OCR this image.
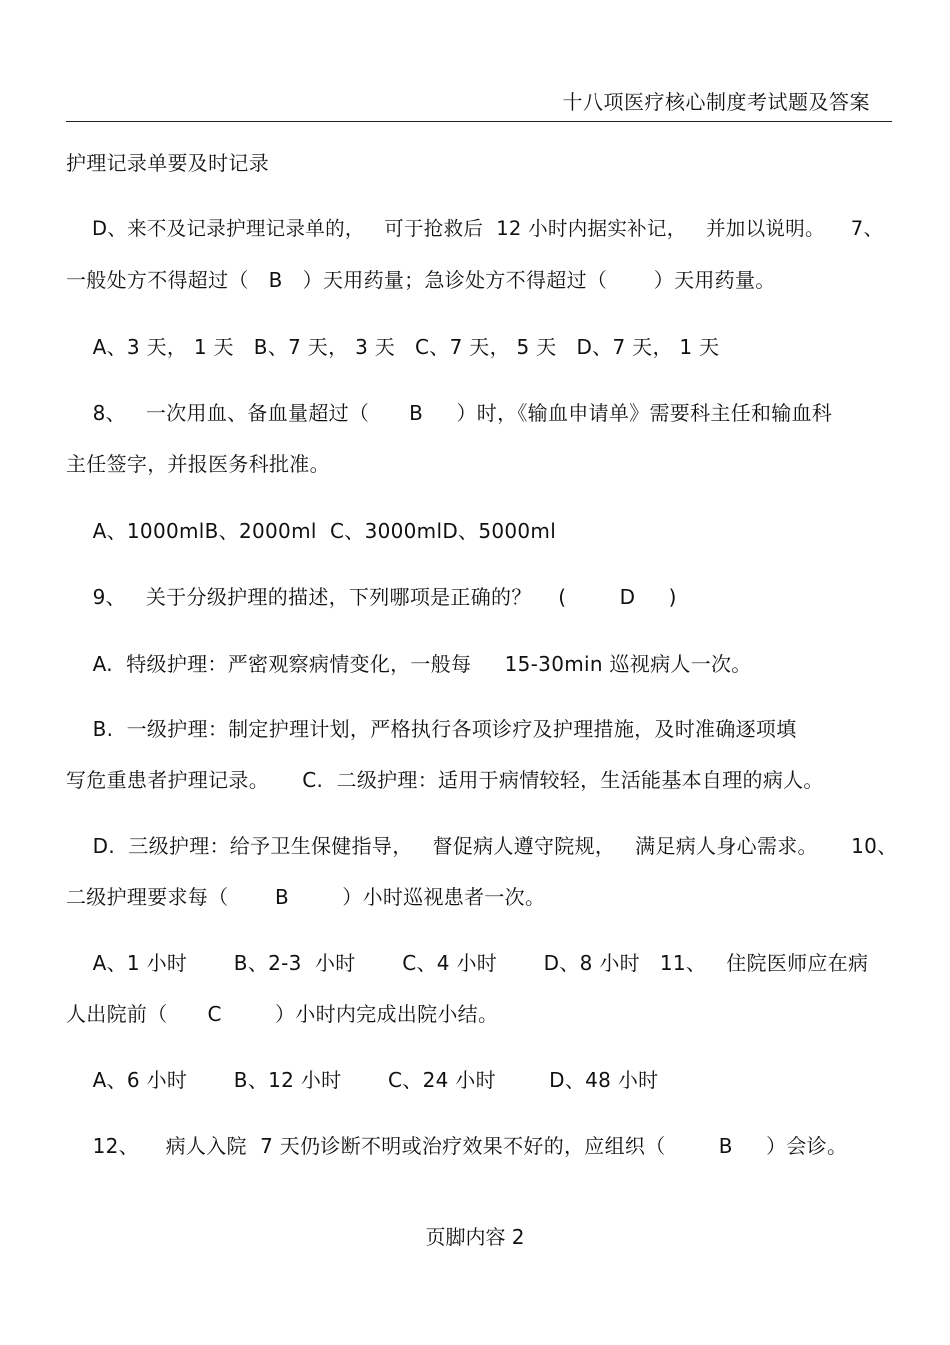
十八项医疗核心制度考试题及答案
护理记录单要及时记录
D、来不及记录护理记录单的，   可于抢救后  12 小时内据实补记，   并加以说明。    7、
一般处方不得超过（   B   ）天用药量；急诊处方不得超过（       ）天用药量。
A、3 天， 1 天   B、7 天， 3 天   C、7 天， 5 天   D、7 天， 1 天
8、   一次用血、备血量超过（      B     ）时，《输血申请单》需要科主任和输血科
主任签字，并报医务科批准。
A、1000mlB、2000ml  C、3000mlD、5000ml
9、   关于分级护理的描述，下列哪项是正确的？    (        D     )
A.  特级护理：严密观察病情变化，一般每     15-30min 巡视病人一次。
B.  一级护理：制定护理计划，严格执行各项诊疗及护理措施，及时准确逐项填
写危重患者护理记录。     C.  二级护理：适用于病情较轻，生活能基本自理的病人。
D.  三级护理：给予卫生保健指导，   督促病人遵守院规，   满足病人身心需求。     10、
二级护理要求每（       B        ）小时巡视患者一次。
A、1 小时       B、2-3  小时       C、4 小时       D、8 小时   11、   住院医师应在病
人出院前（      C        ）小时内完成出院小结。
A、6 小时       B、12 小时       C、24 小时        D、48 小时
12、    病人入院  7 天仍诊断不明或治疗效果不好的，应组织（        B     ）会诊。
页脚内容 2
